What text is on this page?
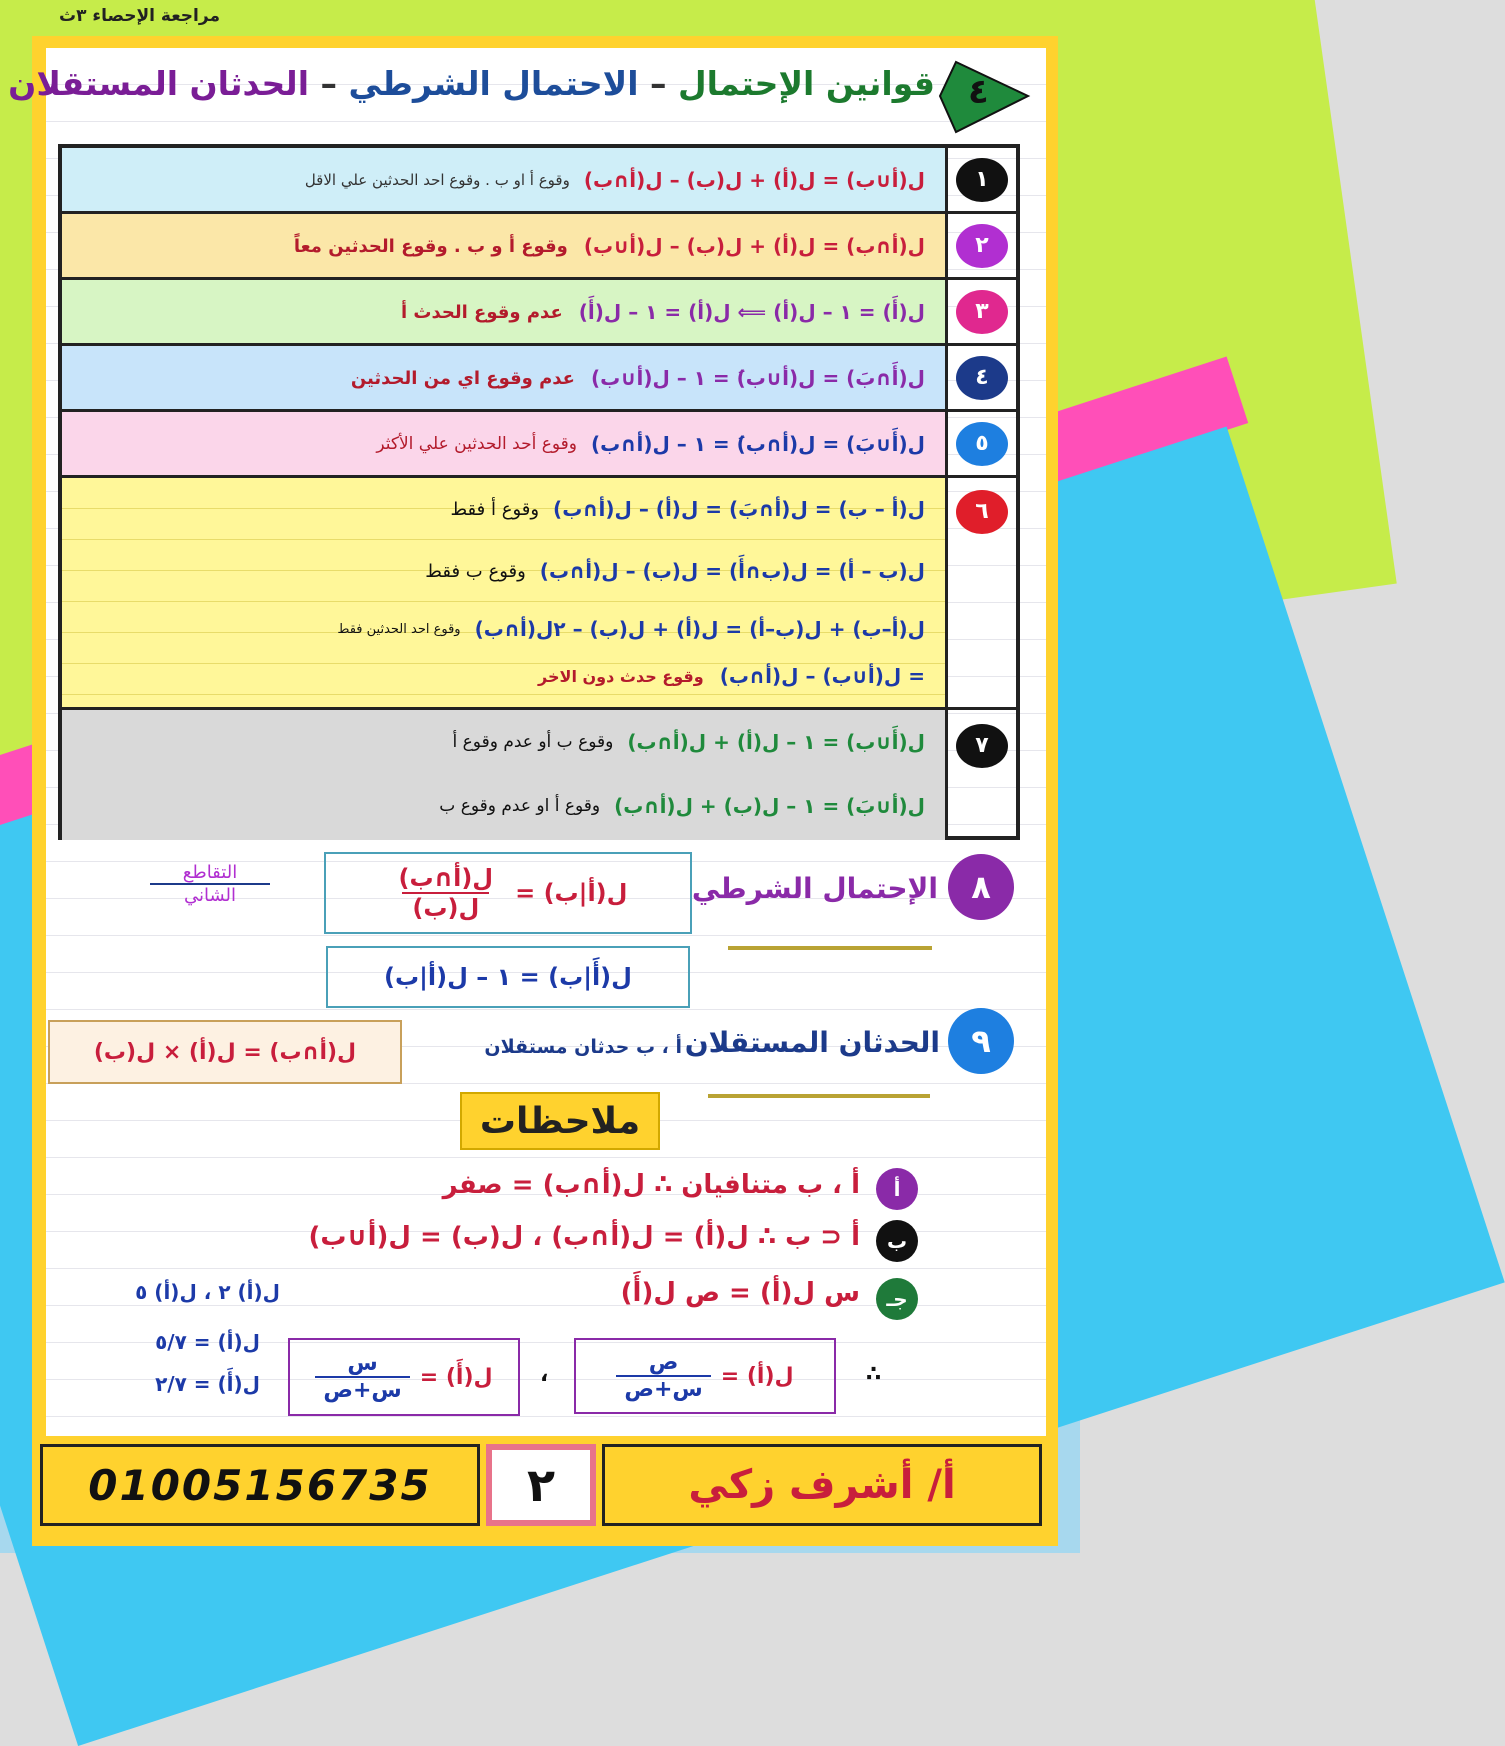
مراجعة الإحصاء ٣ث
قوانين الإحتمال – الاحتمال الشرطي – الحدثان المستقلان	٤
ل(أ∪ب) = ل(أ) + ل(ب) – ل(أ∩ب)
وقوع أ او ب . وقوع احد الحدثين علي الاقل	١
ل(أ∩ب) = ل(أ) + ل(ب) – ل(أ∪ب)
وقوع أ و ب . وقوع الحدثين معاً	٢
ل(أَ) = ١ – ل(أ) ⟸ ل(أ) = ١ – ل(أَ)
عدم وقوع الحدث أ	٣
ل(أَ∩بَ) = ل(أ∪ب)َ = ١ – ل(أ∪ب)
عدم وقوع اي من الحدثين	٤
ل(أَ∪بَ) = ل(أ∩ب)َ = ١ – ل(أ∩ب)
وقوع أحد الحدثين علي الأكثر	٥
ل(أ – ب) = ل(أ∩بَ) = ل(أ) – ل(أ∩ب)
وقوع أ فقط
ل(ب – أ) = ل(ب∩أَ) = ل(ب) – ل(أ∩ب)
وقوع ب فقط
ل(أ–ب) + ل(ب–أ) = ل(أ) + ل(ب) – ٢ل(أ∩ب)
وقوع احد الحدثين فقط
= ل(أ∪ب) – ل(أ∩ب)
وقوع حدث دون الاخر
٦
ل(أَ∪ب) = ١ – ل(أ) + ل(أ∩ب)
وقوع ب أو عدم وقوع أ
ل(أ∪بَ) = ١ – ل(ب) + ل(أ∩ب)
وقوع أ او عدم وقوع ب
٧
٨
الإحتمال الشرطي
ل(أ|ب) =
ل(أ∩ب)
ل(ب)
التقاطع
الشاني
ل(أَ|ب) = ١ – ل(أ|ب)
٩
الحدثان المستقلان
أ ، ب حدثان مستقلان
ل(أ∩ب) = ل(أ) × ل(ب)
ملاحظات
أ
أ ، ب متنافيان ∴ ل(أ∩ب) = صفر
ب
أ ⊂ ب ∴ ل(أ) = ل(أ∩ب) ، ل(ب) = ل(أ∪ب)
جـ
س ل(أ) = ص ل(أَ)
ل(أ) ٢ ، ل(أ) ٥
∴
ل(أ) =
ص
س+ص
،
ل(أَ) =
س
س+ص
ل(أ) = ٥/٧
ل(أَ) = ٢/٧
01005156735	٢	أ/ أشرف زكي
